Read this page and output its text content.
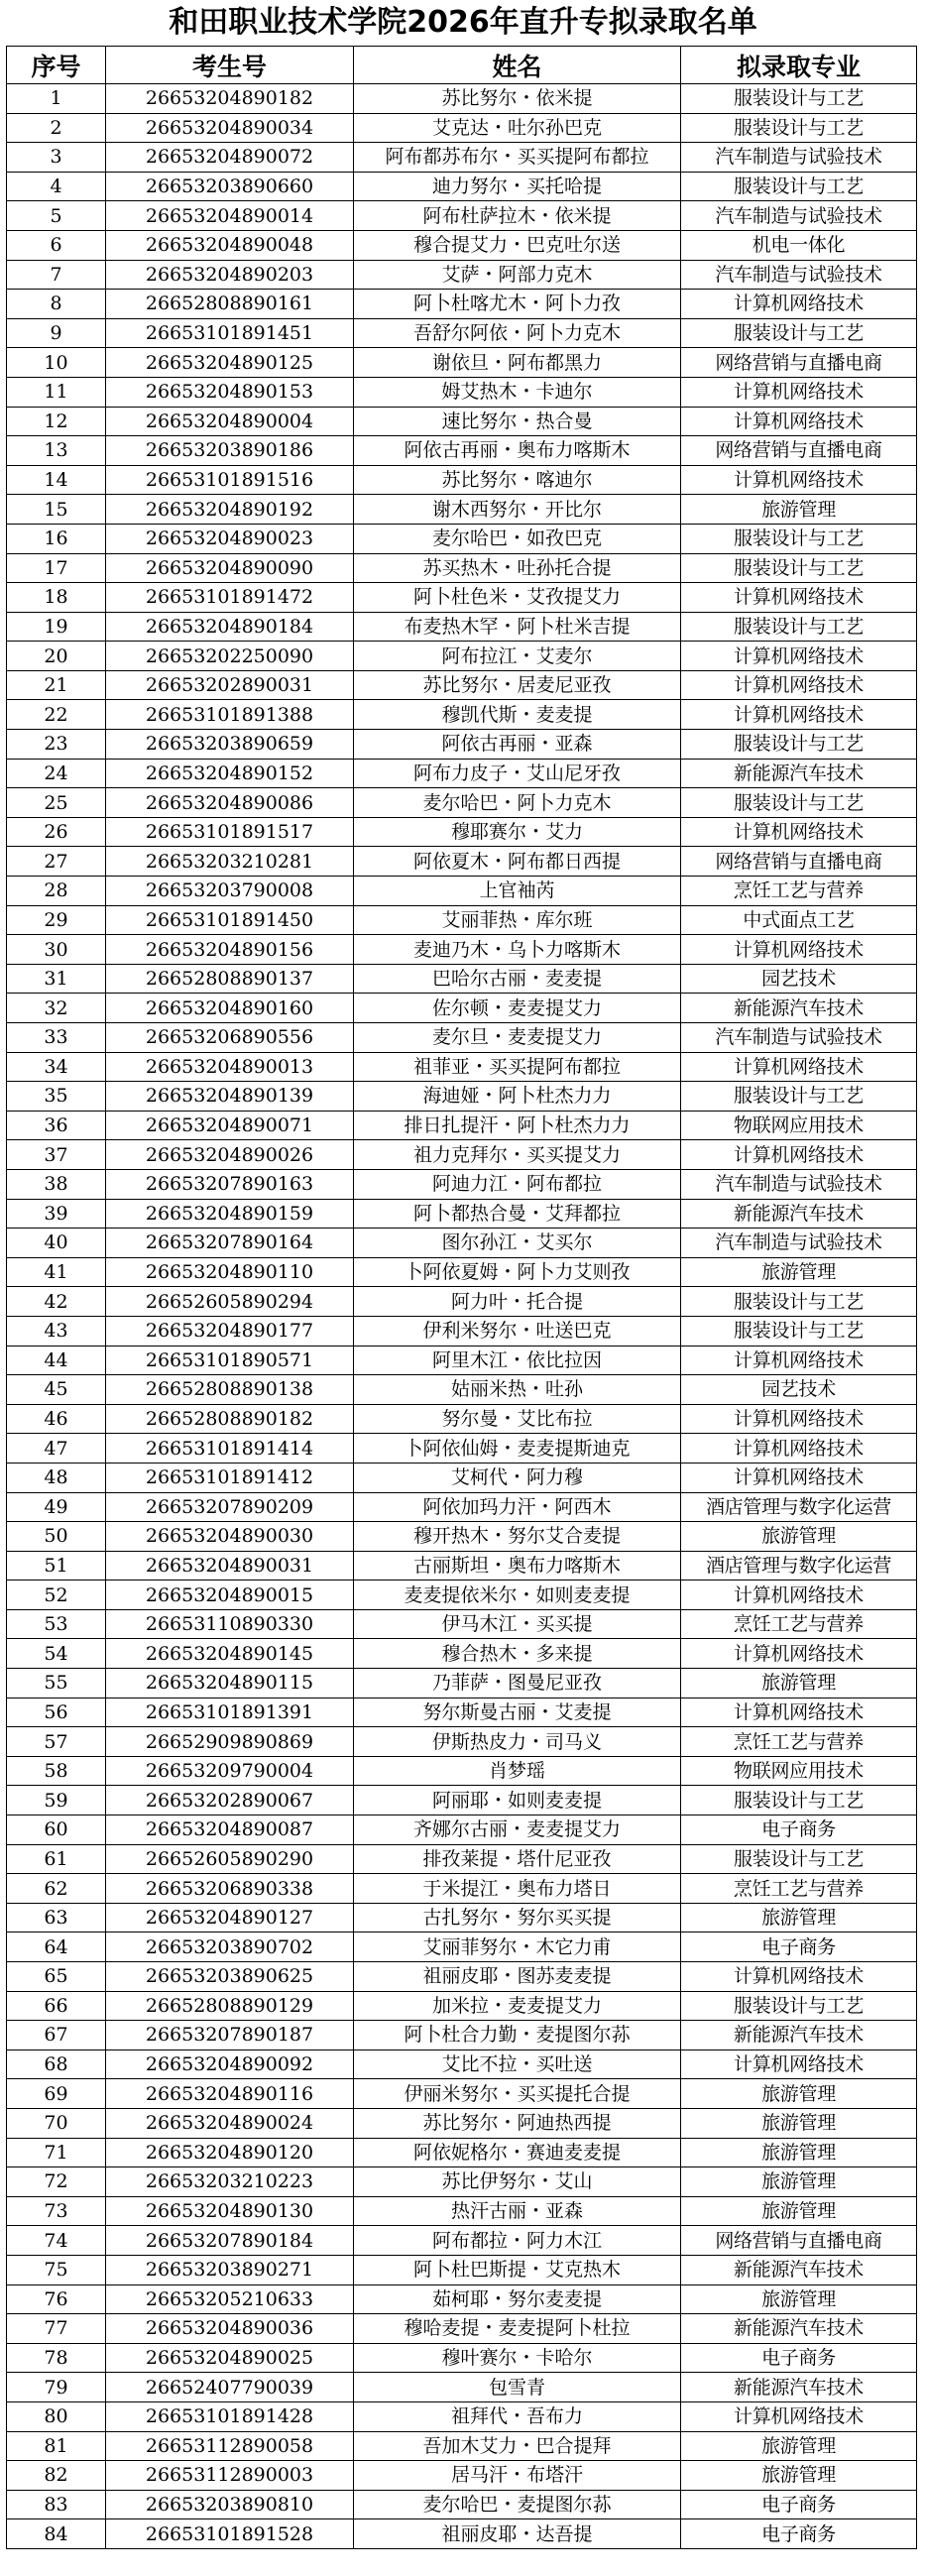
和田职业技术学院2026年直升专拟录取名单
序号	考生号	姓名	拟录取专业
1	26653204890182	苏比努尔・依米提	服装设计与工艺
2	26653204890034	艾克达・吐尔孙巴克	服装设计与工艺
3	26653204890072	阿布都苏布尔・买买提阿布都拉	汽车制造与试验技术
4	26653203890660	迪力努尔・买托哈提	服装设计与工艺
5	26653204890014	阿布杜萨拉木・依米提	汽车制造与试验技术
6	26653204890048	穆合提艾力・巴克吐尔送	机电一体化
7	26653204890203	艾萨・阿部力克木	汽车制造与试验技术
8	26652808890161	阿卜杜喀尤木・阿卜力孜	计算机网络技术
9	26653101891451	吾舒尔阿依・阿卜力克木	服装设计与工艺
10	26653204890125	谢依旦・阿布都黑力	网络营销与直播电商
11	26653204890153	姆艾热木・卡迪尔	计算机网络技术
12	26653204890004	速比努尔・热合曼	计算机网络技术
13	26653203890186	阿依古再丽・奥布力喀斯木	网络营销与直播电商
14	26653101891516	苏比努尔・喀迪尔	计算机网络技术
15	26653204890192	谢木西努尔・开比尔	旅游管理
16	26653204890023	麦尔哈巴・如孜巴克	服装设计与工艺
17	26653204890090	苏买热木・吐孙托合提	服装设计与工艺
18	26653101891472	阿卜杜色米・艾孜提艾力	计算机网络技术
19	26653204890184	布麦热木罕・阿卜杜米吉提	服装设计与工艺
20	26653202250090	阿布拉江・艾麦尔	计算机网络技术
21	26653202890031	苏比努尔・居麦尼亚孜	计算机网络技术
22	26653101891388	穆凯代斯・麦麦提	计算机网络技术
23	26653203890659	阿依古再丽・亚森	服装设计与工艺
24	26653204890152	阿布力皮子・艾山尼牙孜	新能源汽车技术
25	26653204890086	麦尔哈巴・阿卜力克木	服装设计与工艺
26	26653101891517	穆耶赛尔・艾力	计算机网络技术
27	26653203210281	阿依夏木・阿布都日西提	网络营销与直播电商
28	26653203790008	上官袖芮	烹饪工艺与营养
29	26653101891450	艾丽菲热・库尔班	中式面点工艺
30	26653204890156	麦迪乃木・乌卜力喀斯木	计算机网络技术
31	26652808890137	巴哈尔古丽・麦麦提	园艺技术
32	26653204890160	佐尔顿・麦麦提艾力	新能源汽车技术
33	26653206890556	麦尔旦・麦麦提艾力	汽车制造与试验技术
34	26653204890013	祖菲亚・买买提阿布都拉	计算机网络技术
35	26653204890139	海迪娅・阿卜杜杰力力	服装设计与工艺
36	26653204890071	排日扎提汗・阿卜杜杰力力	物联网应用技术
37	26653204890026	祖力克拜尔・买买提艾力	计算机网络技术
38	26653207890163	阿迪力江・阿布都拉	汽车制造与试验技术
39	26653204890159	阿卜都热合曼・艾拜都拉	新能源汽车技术
40	26653207890164	图尔孙江・艾买尔	汽车制造与试验技术
41	26653204890110	卜阿依夏姆・阿卜力艾则孜	旅游管理
42	26652605890294	阿力叶・托合提	服装设计与工艺
43	26653204890177	伊利米努尔・吐送巴克	服装设计与工艺
44	26653101890571	阿里木江・依比拉因	计算机网络技术
45	26652808890138	姑丽米热・吐孙	园艺技术
46	26652808890182	努尔曼・艾比布拉	计算机网络技术
47	26653101891414	卜阿依仙姆・麦麦提斯迪克	计算机网络技术
48	26653101891412	艾柯代・阿力穆	计算机网络技术
49	26653207890209	阿依加玛力汗・阿西木	酒店管理与数字化运营
50	26653204890030	穆开热木・努尔艾合麦提	旅游管理
51	26653204890031	古丽斯坦・奥布力喀斯木	酒店管理与数字化运营
52	26653204890015	麦麦提依米尔・如则麦麦提	计算机网络技术
53	26653110890330	伊马木江・买买提	烹饪工艺与营养
54	26653204890145	穆合热木・多来提	计算机网络技术
55	26653204890115	乃菲萨・图曼尼亚孜	旅游管理
56	26653101891391	努尔斯曼古丽・艾麦提	计算机网络技术
57	26652909890869	伊斯热皮力・司马义	烹饪工艺与营养
58	26653209790004	肖梦瑶	物联网应用技术
59	26653202890067	阿丽耶・如则麦麦提	服装设计与工艺
60	26653204890087	齐娜尔古丽・麦麦提艾力	电子商务
61	26652605890290	排孜莱提・塔什尼亚孜	服装设计与工艺
62	26653206890338	于米提江・奥布力塔日	烹饪工艺与营养
63	26653204890127	古扎努尔・努尔买买提	旅游管理
64	26653203890702	艾丽菲努尔・木它力甫	电子商务
65	26653203890625	祖丽皮耶・图苏麦麦提	计算机网络技术
66	26652808890129	加米拉・麦麦提艾力	服装设计与工艺
67	26653207890187	阿卜杜合力勤・麦提图尔荪	新能源汽车技术
68	26653204890092	艾比不拉・买吐送	计算机网络技术
69	26653204890116	伊丽米努尔・买买提托合提	旅游管理
70	26653204890024	苏比努尔・阿迪热西提	旅游管理
71	26653204890120	阿依妮格尔・赛迪麦麦提	旅游管理
72	26653203210223	苏比伊努尔・艾山	旅游管理
73	26653204890130	热汗古丽・亚森	旅游管理
74	26653207890184	阿布都拉・阿力木江	网络营销与直播电商
75	26653203890271	阿卜杜巴斯提・艾克热木	新能源汽车技术
76	26653205210633	茹柯耶・努尔麦麦提	旅游管理
77	26653204890036	穆哈麦提・麦麦提阿卜杜拉	新能源汽车技术
78	26653204890025	穆叶赛尔・卡哈尔	电子商务
79	26652407790039	包雪青	新能源汽车技术
80	26653101891428	祖拜代・吾布力	计算机网络技术
81	26653112890058	吾加木艾力・巴合提拜	旅游管理
82	26653112890003	居马汗・布塔汗	旅游管理
83	26653203890810	麦尔哈巴・麦提图尔荪	电子商务
84	26653101891528	祖丽皮耶・达吾提	电子商务
